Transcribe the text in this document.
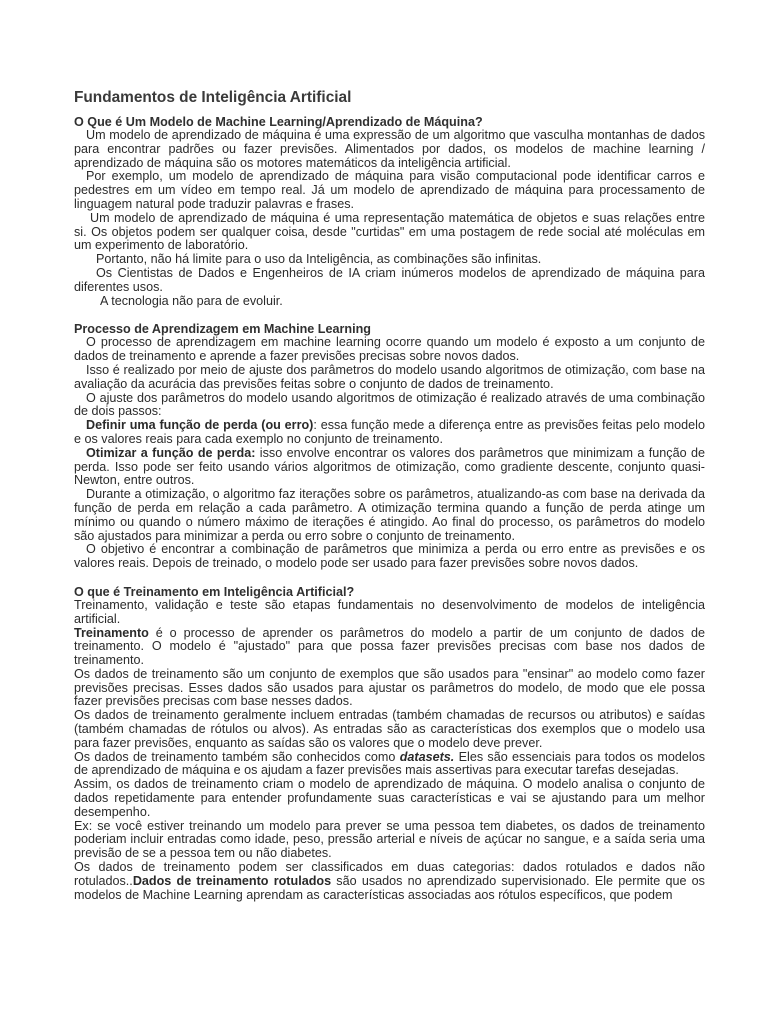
Fundamentos de Inteligência Artificial
O Que é Um Modelo de Machine Learning/Aprendizado de Máquina?

Um modelo de aprendizado de máquina é uma expressão de um algoritmo que vasculha montanhas de dados para encontrar padrões ou fazer previsões. Alimentados por dados, os modelos de machine learning / aprendizado de máquina são os motores matemáticos da inteligência artificial.

Por exemplo, um modelo de aprendizado de máquina para visão computacional pode identificar carros e pedestres em um vídeo em tempo real. Já um modelo de aprendizado de máquina para processamento de linguagem natural pode traduzir palavras e frases.

Um modelo de aprendizado de máquina é uma representação matemática de objetos e suas relações entre si. Os objetos podem ser qualquer coisa, desde "curtidas" em uma postagem de rede social até moléculas em um experimento de laboratório.

Portanto, não há limite para o uso da Inteligência, as combinações são infinitas.

Os Cientistas de Dados e Engenheiros de IA criam inúmeros modelos de aprendizado de máquina para diferentes usos.

A tecnologia não para de evoluir.

Processo de Aprendizagem em Machine Learning

O processo de aprendizagem em machine learning ocorre quando um modelo é exposto a um conjunto de dados de treinamento e aprende a fazer previsões precisas sobre novos dados.

Isso é realizado por meio de ajuste dos parâmetros do modelo usando algoritmos de otimização, com base na avaliação da acurácia das previsões feitas sobre o conjunto de dados de treinamento.

O ajuste dos parâmetros do modelo usando algoritmos de otimização é realizado através de uma combinação de dois passos:

Definir uma função de perda (ou erro): essa função mede a diferença entre as previsões feitas pelo modelo e os valores reais para cada exemplo no conjunto de treinamento.

Otimizar a função de perda: isso envolve encontrar os valores dos parâmetros que minimizam a função de perda. Isso pode ser feito usando vários algoritmos de otimização, como gradiente descente, conjunto quasi-Newton, entre outros.

Durante a otimização, o algoritmo faz iterações sobre os parâmetros, atualizando-as com base na derivada da função de perda em relação a cada parâmetro. A otimização termina quando a função de perda atinge um mínimo ou quando o número máximo de iterações é atingido. Ao final do processo, os parâmetros do modelo são ajustados para minimizar a perda ou erro sobre o conjunto de treinamento.

O objetivo é encontrar a combinação de parâmetros que minimiza a perda ou erro entre as previsões e os valores reais. Depois de treinado, o modelo pode ser usado para fazer previsões sobre novos dados.

O que é Treinamento em Inteligência Artificial?

Treinamento, validação e teste são etapas fundamentais no desenvolvimento de modelos de inteligência artificial.

Treinamento é o processo de aprender os parâmetros do modelo a partir de um conjunto de dados de treinamento. O modelo é "ajustado" para que possa fazer previsões precisas com base nos dados de treinamento.

Os dados de treinamento são um conjunto de exemplos que são usados para "ensinar" ao modelo como fazer previsões precisas. Esses dados são usados para ajustar os parâmetros do modelo, de modo que ele possa fazer previsões precisas com base nesses dados.

Os dados de treinamento geralmente incluem entradas (também chamadas de recursos ou atributos) e saídas (também chamadas de rótulos ou alvos). As entradas são as características dos exemplos que o modelo usa para fazer previsões, enquanto as saídas são os valores que o modelo deve prever.

Os dados de treinamento também são conhecidos como datasets. Eles são essenciais para todos os modelos de aprendizado de máquina e os ajudam a fazer previsões mais assertivas para executar tarefas desejadas.

Assim, os dados de treinamento criam o modelo de aprendizado de máquina. O modelo analisa o conjunto de dados repetidamente para entender profundamente suas características e vai se ajustando para um melhor desempenho.

Ex: se você estiver treinando um modelo para prever se uma pessoa tem diabetes, os dados de treinamento poderiam incluir entradas como idade, peso, pressão arterial e níveis de açúcar no sangue, e a saída seria uma previsão de se a pessoa tem ou não diabetes.

Os dados de treinamento podem ser classificados em duas categorias: dados rotulados e dados não rotulados..Dados de treinamento rotulados são usados no aprendizado supervisionado. Ele permite que os modelos de Machine Learning aprendam as características associadas aos rótulos específicos, que podem
